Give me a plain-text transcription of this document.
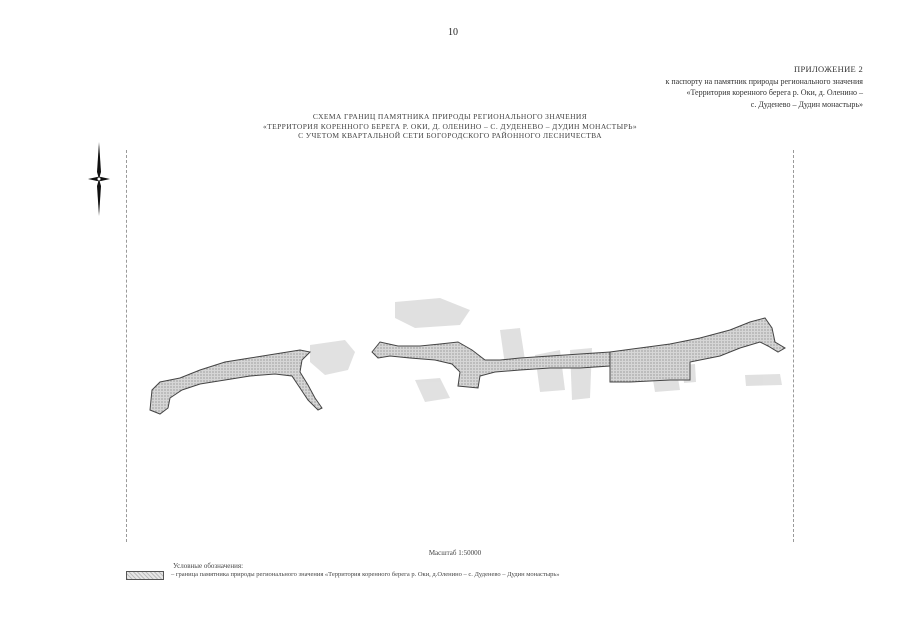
10
ПРИЛОЖЕНИЕ 2
к паспорту на памятник природы регионального значения
«Территория коренного берега р. Оки, д. Оленино –
с. Дуденево – Дудин монастырь»
СХЕМА ГРАНИЦ ПАМЯТНИКА ПРИРОДЫ РЕГИОНАЛЬНОГО ЗНАЧЕНИЯ
«ТЕРРИТОРИЯ КОРЕННОГО БЕРЕГА Р. ОКИ, Д. ОЛЕНИНО – С. ДУДЕНЕВО – ДУДИН МОНАСТЫРЬ»
С УЧЕТОМ КВАРТАЛЬНОЙ СЕТИ БОГОРОДСКОГО РАЙОННОГО ЛЕСНИЧЕСТВА
Масштаб 1:50000
Условные обозначения:
– граница памятника природы регионального значения «Территория коренного берега р. Оки, д.Оленино – с. Дуденево – Дудин монастырь»
